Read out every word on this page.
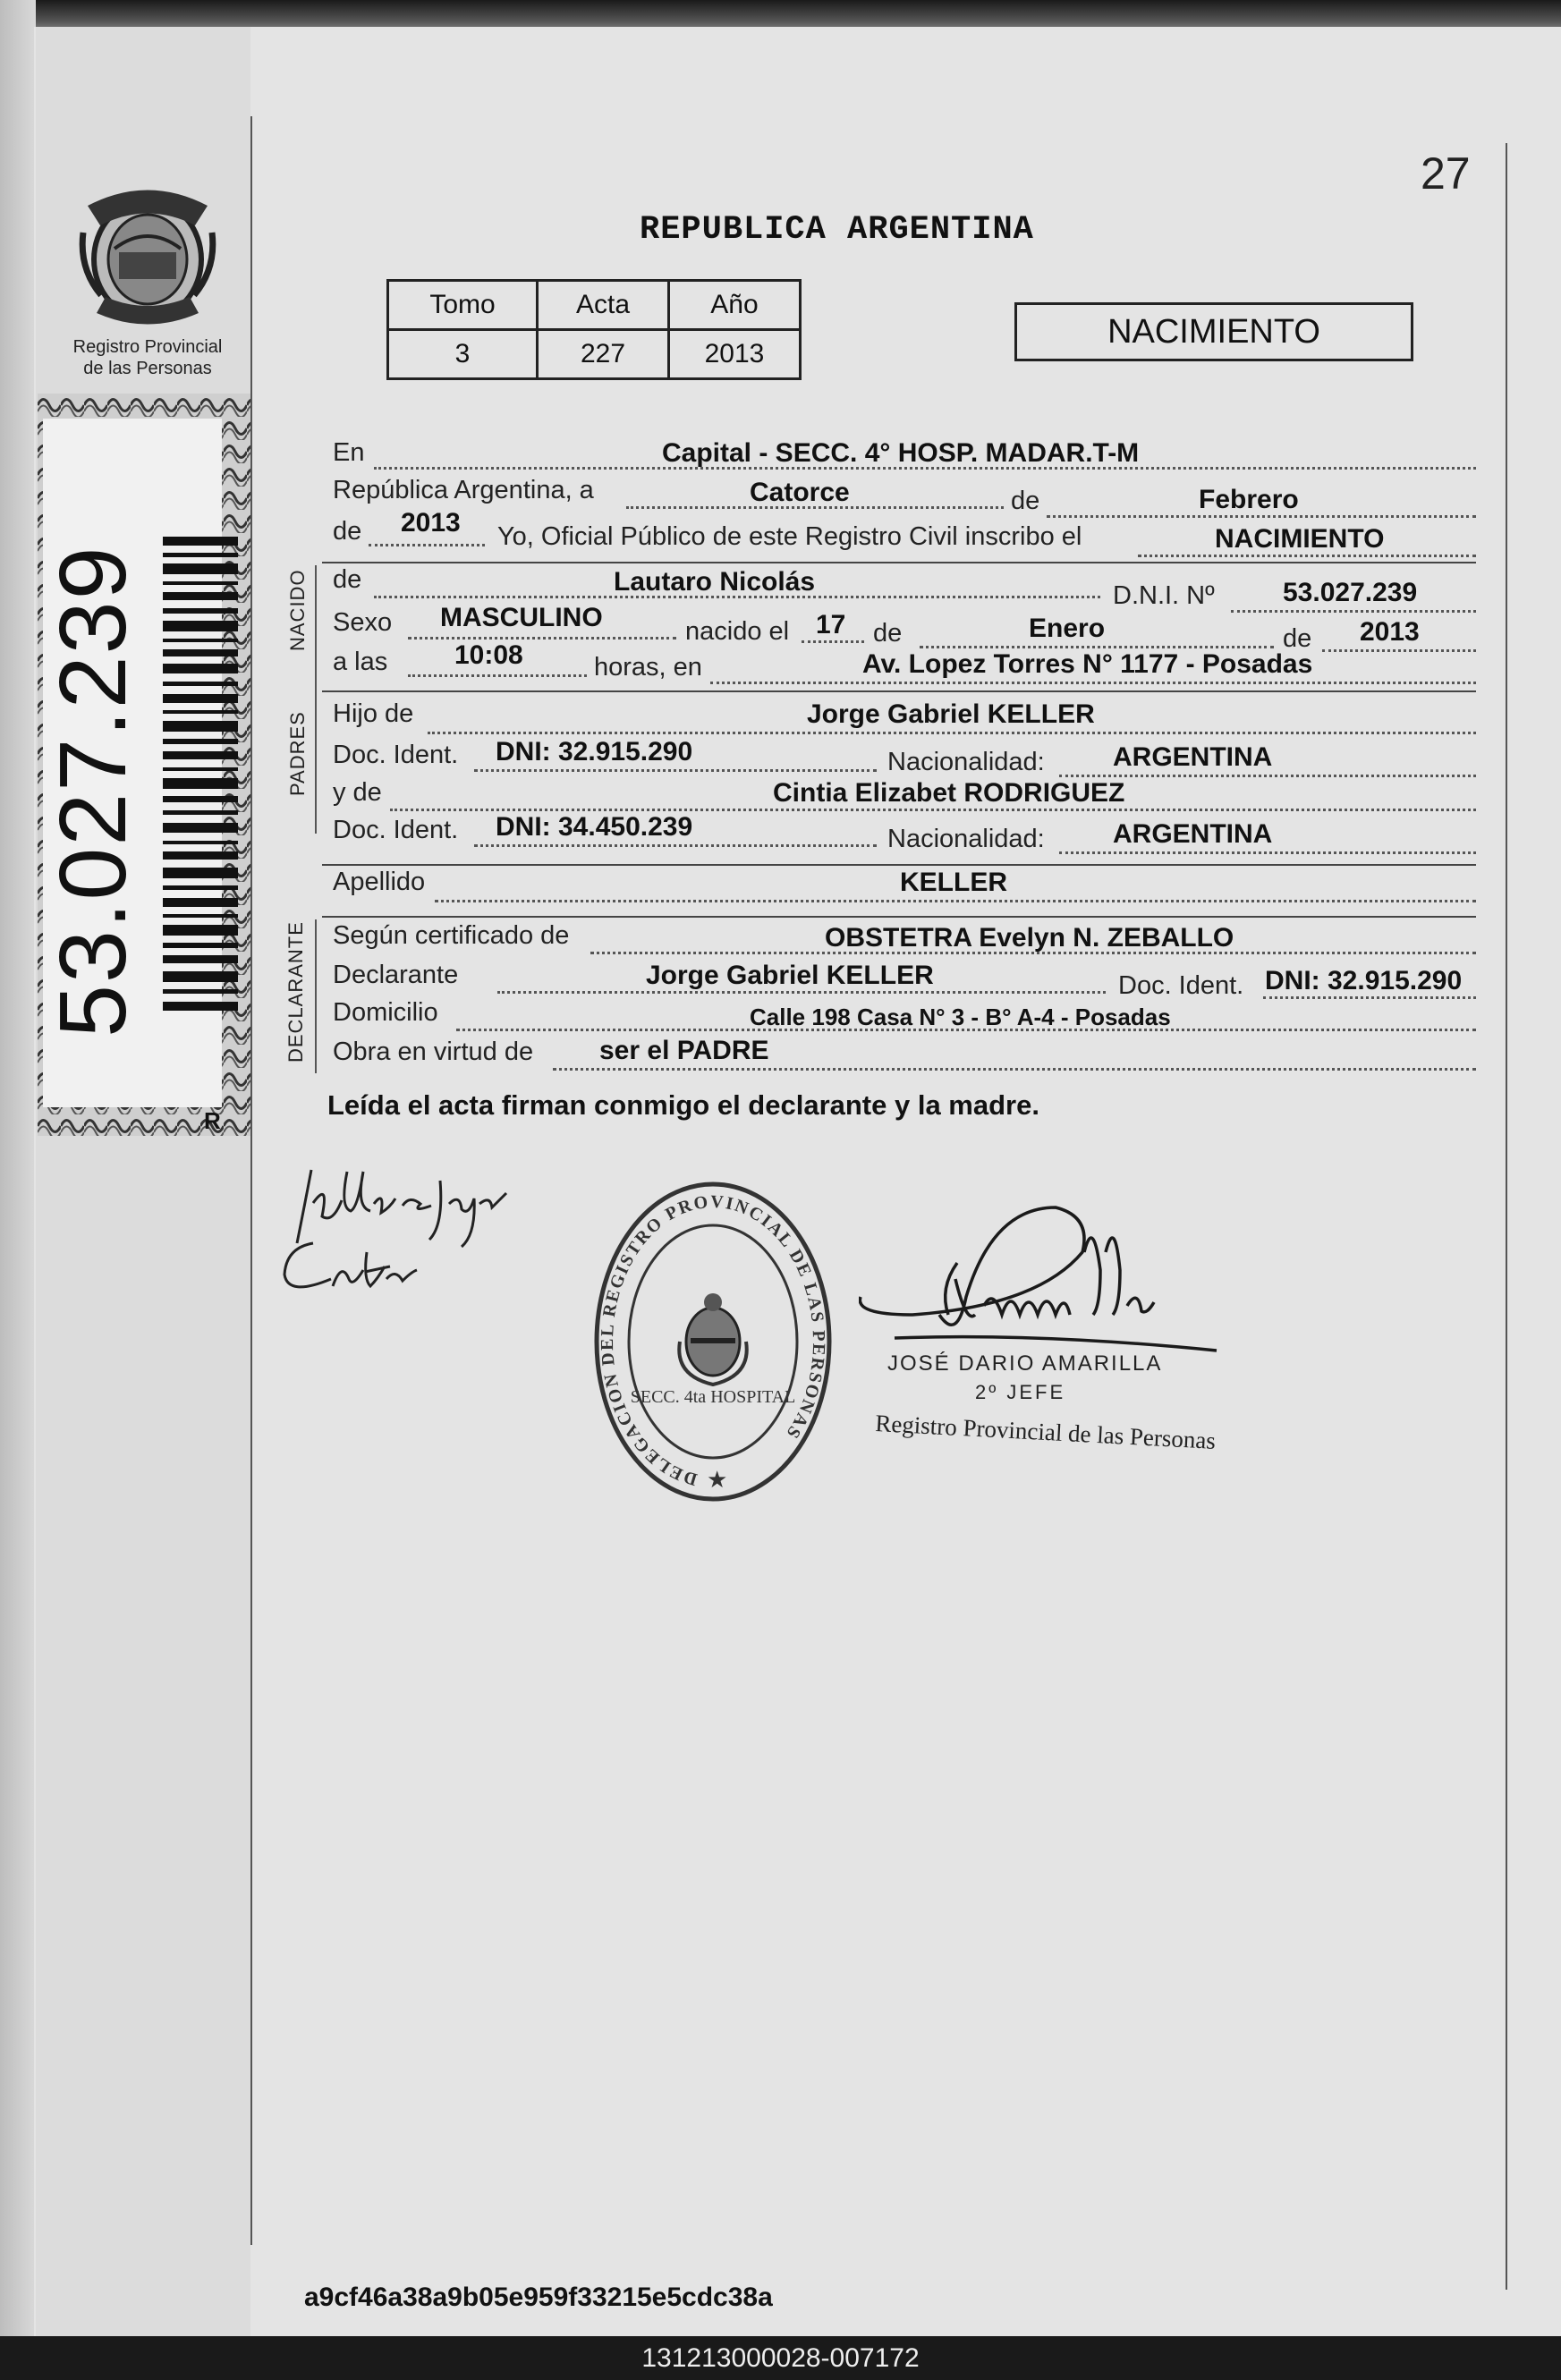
Registro Provincial
de las Personas
R
53.027.239
27
REPUBLICA ARGENTINA
Tomo	Acta	Año
3	227	2013
NACIMIENTO
En	Capital - SECC. 4° HOSP. MADAR.T-M
República Argentina, a	Catorce	de	Febrero
de 2013 Yo, Oficial Público de este Registro Civil inscribo el	NACIMIENTO
NACIDO de	Lautaro Nicolás	D.N.I. Nº	53.027.239
Sexo MASCULINO	nacido el 17 de	Enero	de 2013
a las 10:08	horas, en	Av. Lopez Torres N° 1177 - Posadas
PADRES Hijo de	Jorge Gabriel KELLER
Doc. Ident. DNI: 32.915.290	Nacionalidad:	ARGENTINA
y de	Cintia Elizabet RODRIGUEZ
Doc. Ident. DNI: 34.450.239	Nacionalidad:	ARGENTINA
Apellido	KELLER
DECLARANTE Según certificado de	OBSTETRA Evelyn N. ZEBALLO
Declarante	Jorge Gabriel KELLER	Doc. Ident. DNI: 32.915.290
Domicilio	Calle 198 Casa N° 3 - B° A-4 - Posadas
Obra en virtud de ser el PADRE
Leída el acta firman conmigo el declarante y la madre.
DELEGACION DEL REGISTRO PROVINCIAL DE LAS PERSONAS
SECC. 4ta HOSPITAL
★
JOSÉ DARIO AMARILLA
2º JEFE
Registro Provincial de las Personas
a9cf46a38a9b05e959f33215e5cdc38a
131213000028-007172
